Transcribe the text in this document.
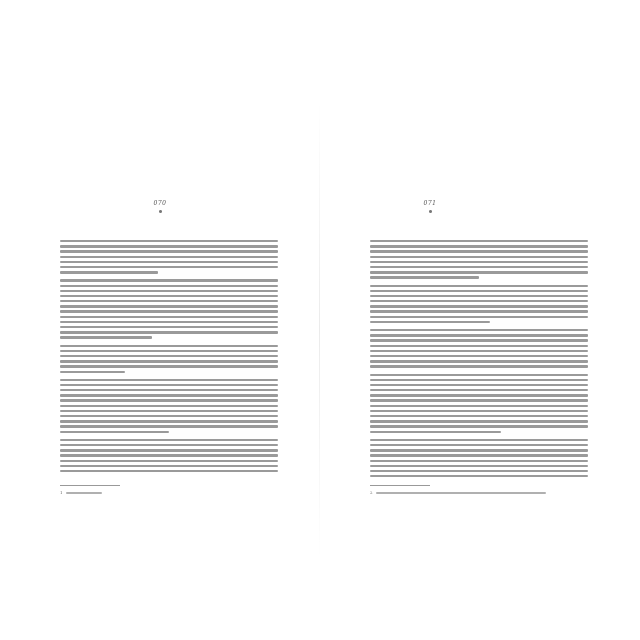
070	071
1	2
